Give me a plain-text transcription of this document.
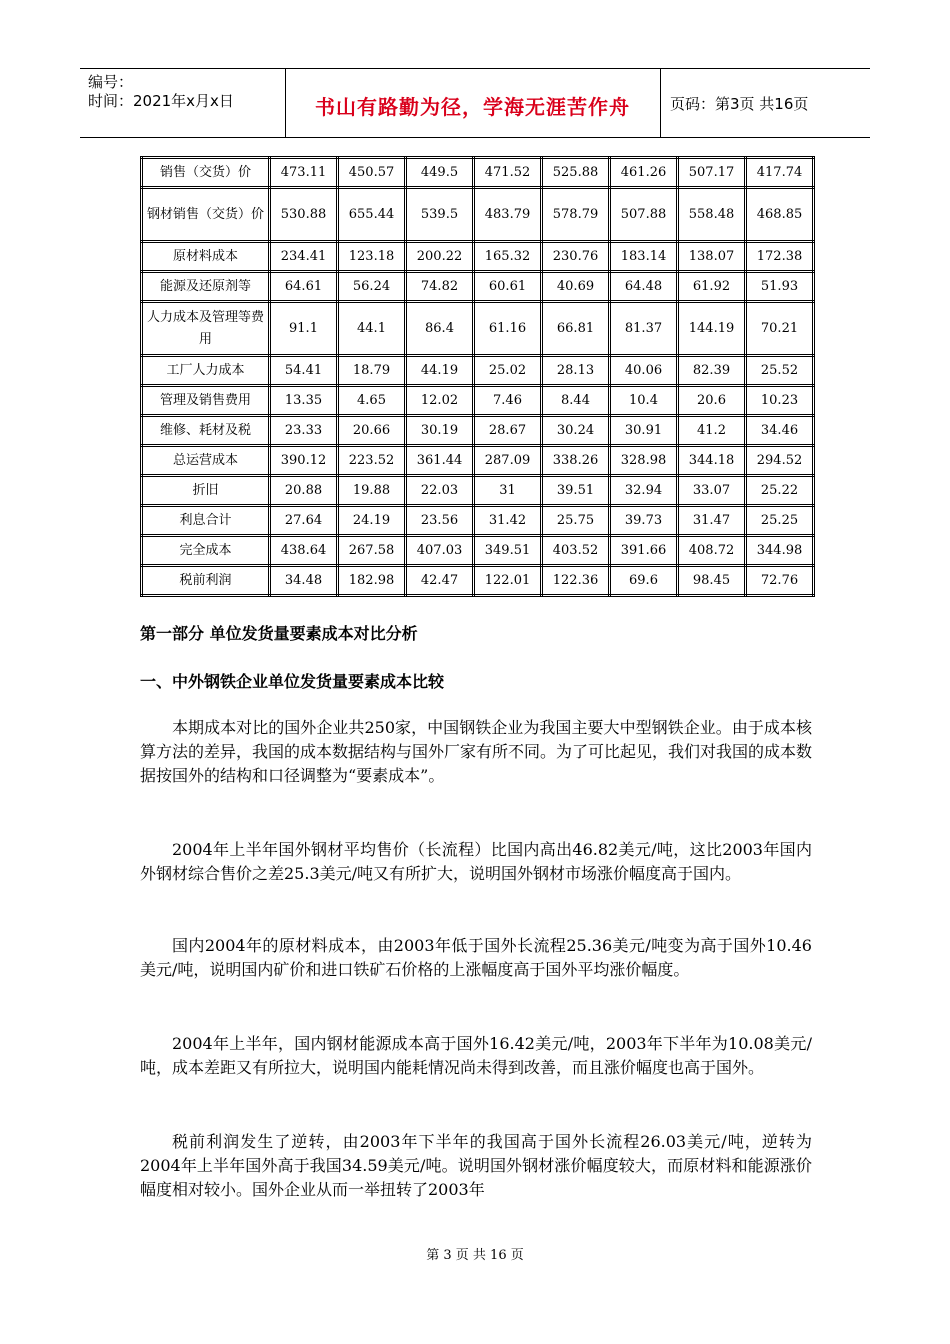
编号：
时间：2021年x月x日	书山有路勤为径，学海无涯苦作舟	页码：第3页 共16页
销售（交货）价	473.11	450.57	449.5	471.52	525.88	461.26	507.17	417.74
钢材销售（交货）价	530.88	655.44	539.5	483.79	578.79	507.88	558.48	468.85
原材料成本	234.41	123.18	200.22	165.32	230.76	183.14	138.07	172.38
能源及还原剂等	64.61	56.24	74.82	60.61	40.69	64.48	61.92	51.93
人力成本及管理等费用	91.1	44.1	86.4	61.16	66.81	81.37	144.19	70.21
工厂人力成本	54.41	18.79	44.19	25.02	28.13	40.06	82.39	25.52
管理及销售费用	13.35	4.65	12.02	7.46	8.44	10.4	20.6	10.23
维修、耗材及税	23.33	20.66	30.19	28.67	30.24	30.91	41.2	34.46
总运营成本	390.12	223.52	361.44	287.09	338.26	328.98	344.18	294.52
折旧	20.88	19.88	22.03	31	39.51	32.94	33.07	25.22
利息合计	27.64	24.19	23.56	31.42	25.75	39.73	31.47	25.25
完全成本	438.64	267.58	407.03	349.51	403.52	391.66	408.72	344.98
税前利润	34.48	182.98	42.47	122.01	122.36	69.6	98.45	72.76
第一部分 单位发货量要素成本对比分析
一、中外钢铁企业单位发货量要素成本比较
本期成本对比的国外企业共250家，中国钢铁企业为我国主要大中型钢铁企业。由于成本核算方法的差异，我国的成本数据结构与国外厂家有所不同。为了可比起见，我们对我国的成本数据按国外的结构和口径调整为“要素成本”。
2004年上半年国外钢材平均售价（长流程）比国内高出46.82美元/吨，这比2003年国内外钢材综合售价之差25.3美元/吨又有所扩大，说明国外钢材市场涨价幅度高于国内。
国内2004年的原材料成本，由2003年低于国外长流程25.36美元/吨变为高于国外10.46美元/吨，说明国内矿价和进口铁矿石价格的上涨幅度高于国外平均涨价幅度。
2004年上半年，国内钢材能源成本高于国外16.42美元/吨，2003年下半年为10.08美元/吨，成本差距又有所拉大，说明国内能耗情况尚未得到改善，而且涨价幅度也高于国外。
税前利润发生了逆转，由2003年下半年的我国高于国外长流程26.03美元/吨，逆转为2004年上半年国外高于我国34.59美元/吨。说明国外钢材涨价幅度较大，而原材料和能源涨价幅度相对较小。国外企业从而一举扭转了2003年
第 3 页 共 16 页
